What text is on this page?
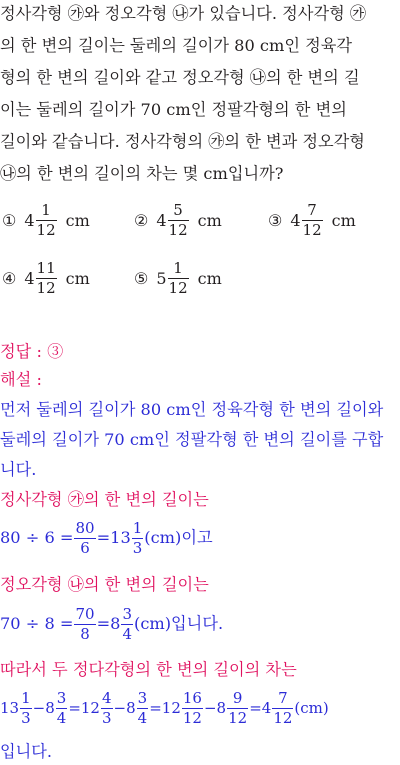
정사각형 ㉮와 정오각형 ㉯가 있습니다. 정사각형 ㉮
의 한 변의 길이는 둘레의 길이가 80 cm인 정육각
형의 한 변의 길이와 같고 정오각형 ㉯의 한 변의 길
이는 둘레의 길이가 70 cm인 정팔각형의 한 변의
길이와 같습니다. 정사각형의 ㉮의 한 변과 정오각형
㉯의 한 변의 길이의 차는 몇 cm입니까?
① $4 \frac{1}{12}$ cm	② $4 \frac{5}{12}$ cm	③ $4 \frac{7}{12}$ cm
④ $4 \frac{11}{12}$ cm	⑤ $5 \frac{1}{12}$ cm
정답 : ③
해설 :
먼저 둘레의 길이가 80 cm인 정육각형 한 변의 길이와
둘레의 길이가 70 cm인 정팔각형 한 변의 길이를 구합
니다.
정사각형 ㉮의 한 변의 길이는
$80 \div 6 = \frac{80}{6} = 13 \frac{1}{3} (cm)$이고
정오각형 ㉯의 한 변의 길이는
$70 \div 8 = \frac{70}{8} = 8 \frac{3}{4} (cm)$입니다.
따라서 두 정다각형의 한 변의 길이의 차는
$13 \frac{1}{3} - 8 \frac{3}{4} = 12 \frac{4}{3} - 8 \frac{3}{4} = 12 \frac{16}{12} - 8 \frac{9}{12} = 4 \frac{7}{12} (cm)$
입니다.
